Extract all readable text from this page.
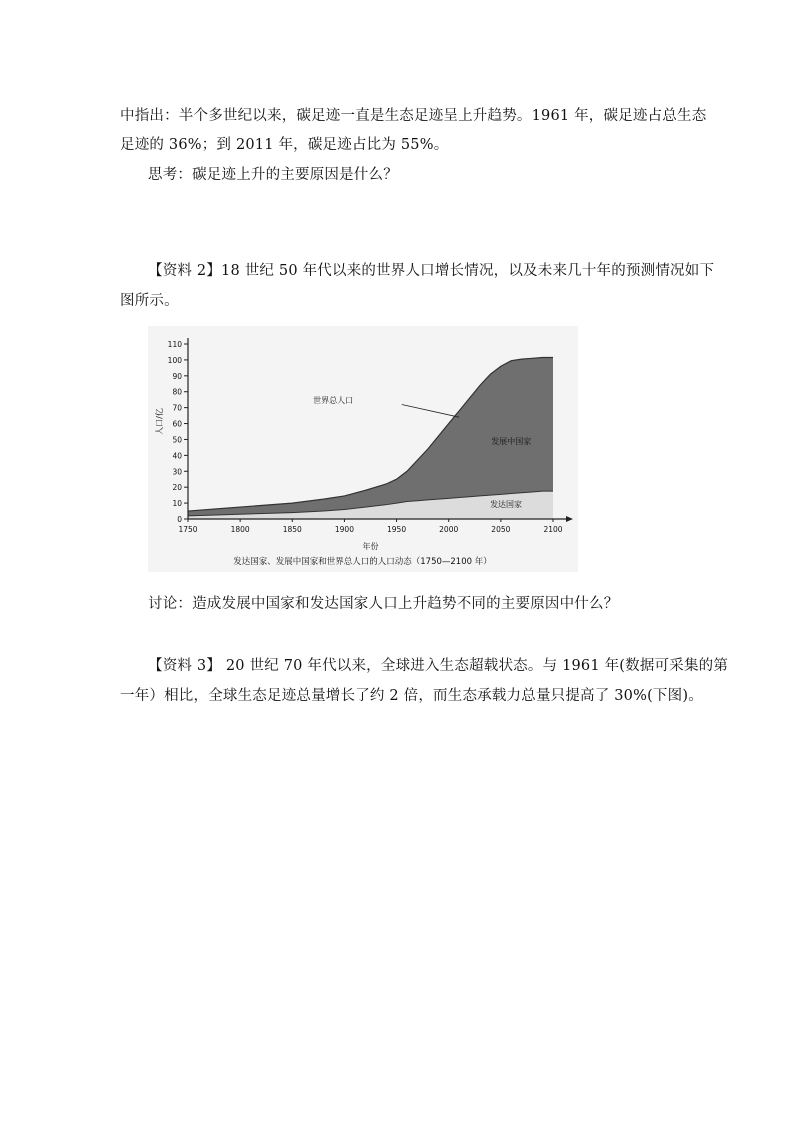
中指出：半个多世纪以来，碳足迹一直是生态足迹呈上升趋势。1961 年，碳足迹占总生态
足迹的 36%；到 2011 年，碳足迹占比为 55%。
思考：碳足迹上升的主要原因是什么？
【资料 2】18 世纪 50 年代以来的世界人口增长情况，以及未来几十年的预测情况如下
图所示。
0
10
20
30
40
50
60
70
80
90
100
110
1750	1800	1850	1900	1950	2000	2050	2100
年份
人口/亿
世界总人口
发展中国家
发达国家
发达国家、发展中国家和世界总人口的人口动态（1750—2100 年）
讨论：造成发展中国家和发达国家人口上升趋势不同的主要原因中什么？
【资料 3】 20 世纪 70 年代以来，全球进入生态超载状态。与 1961 年(数据可采集的第
一年）相比，全球生态足迹总量增长了约 2 倍，而生态承载力总量只提高了 30%(下图)。
